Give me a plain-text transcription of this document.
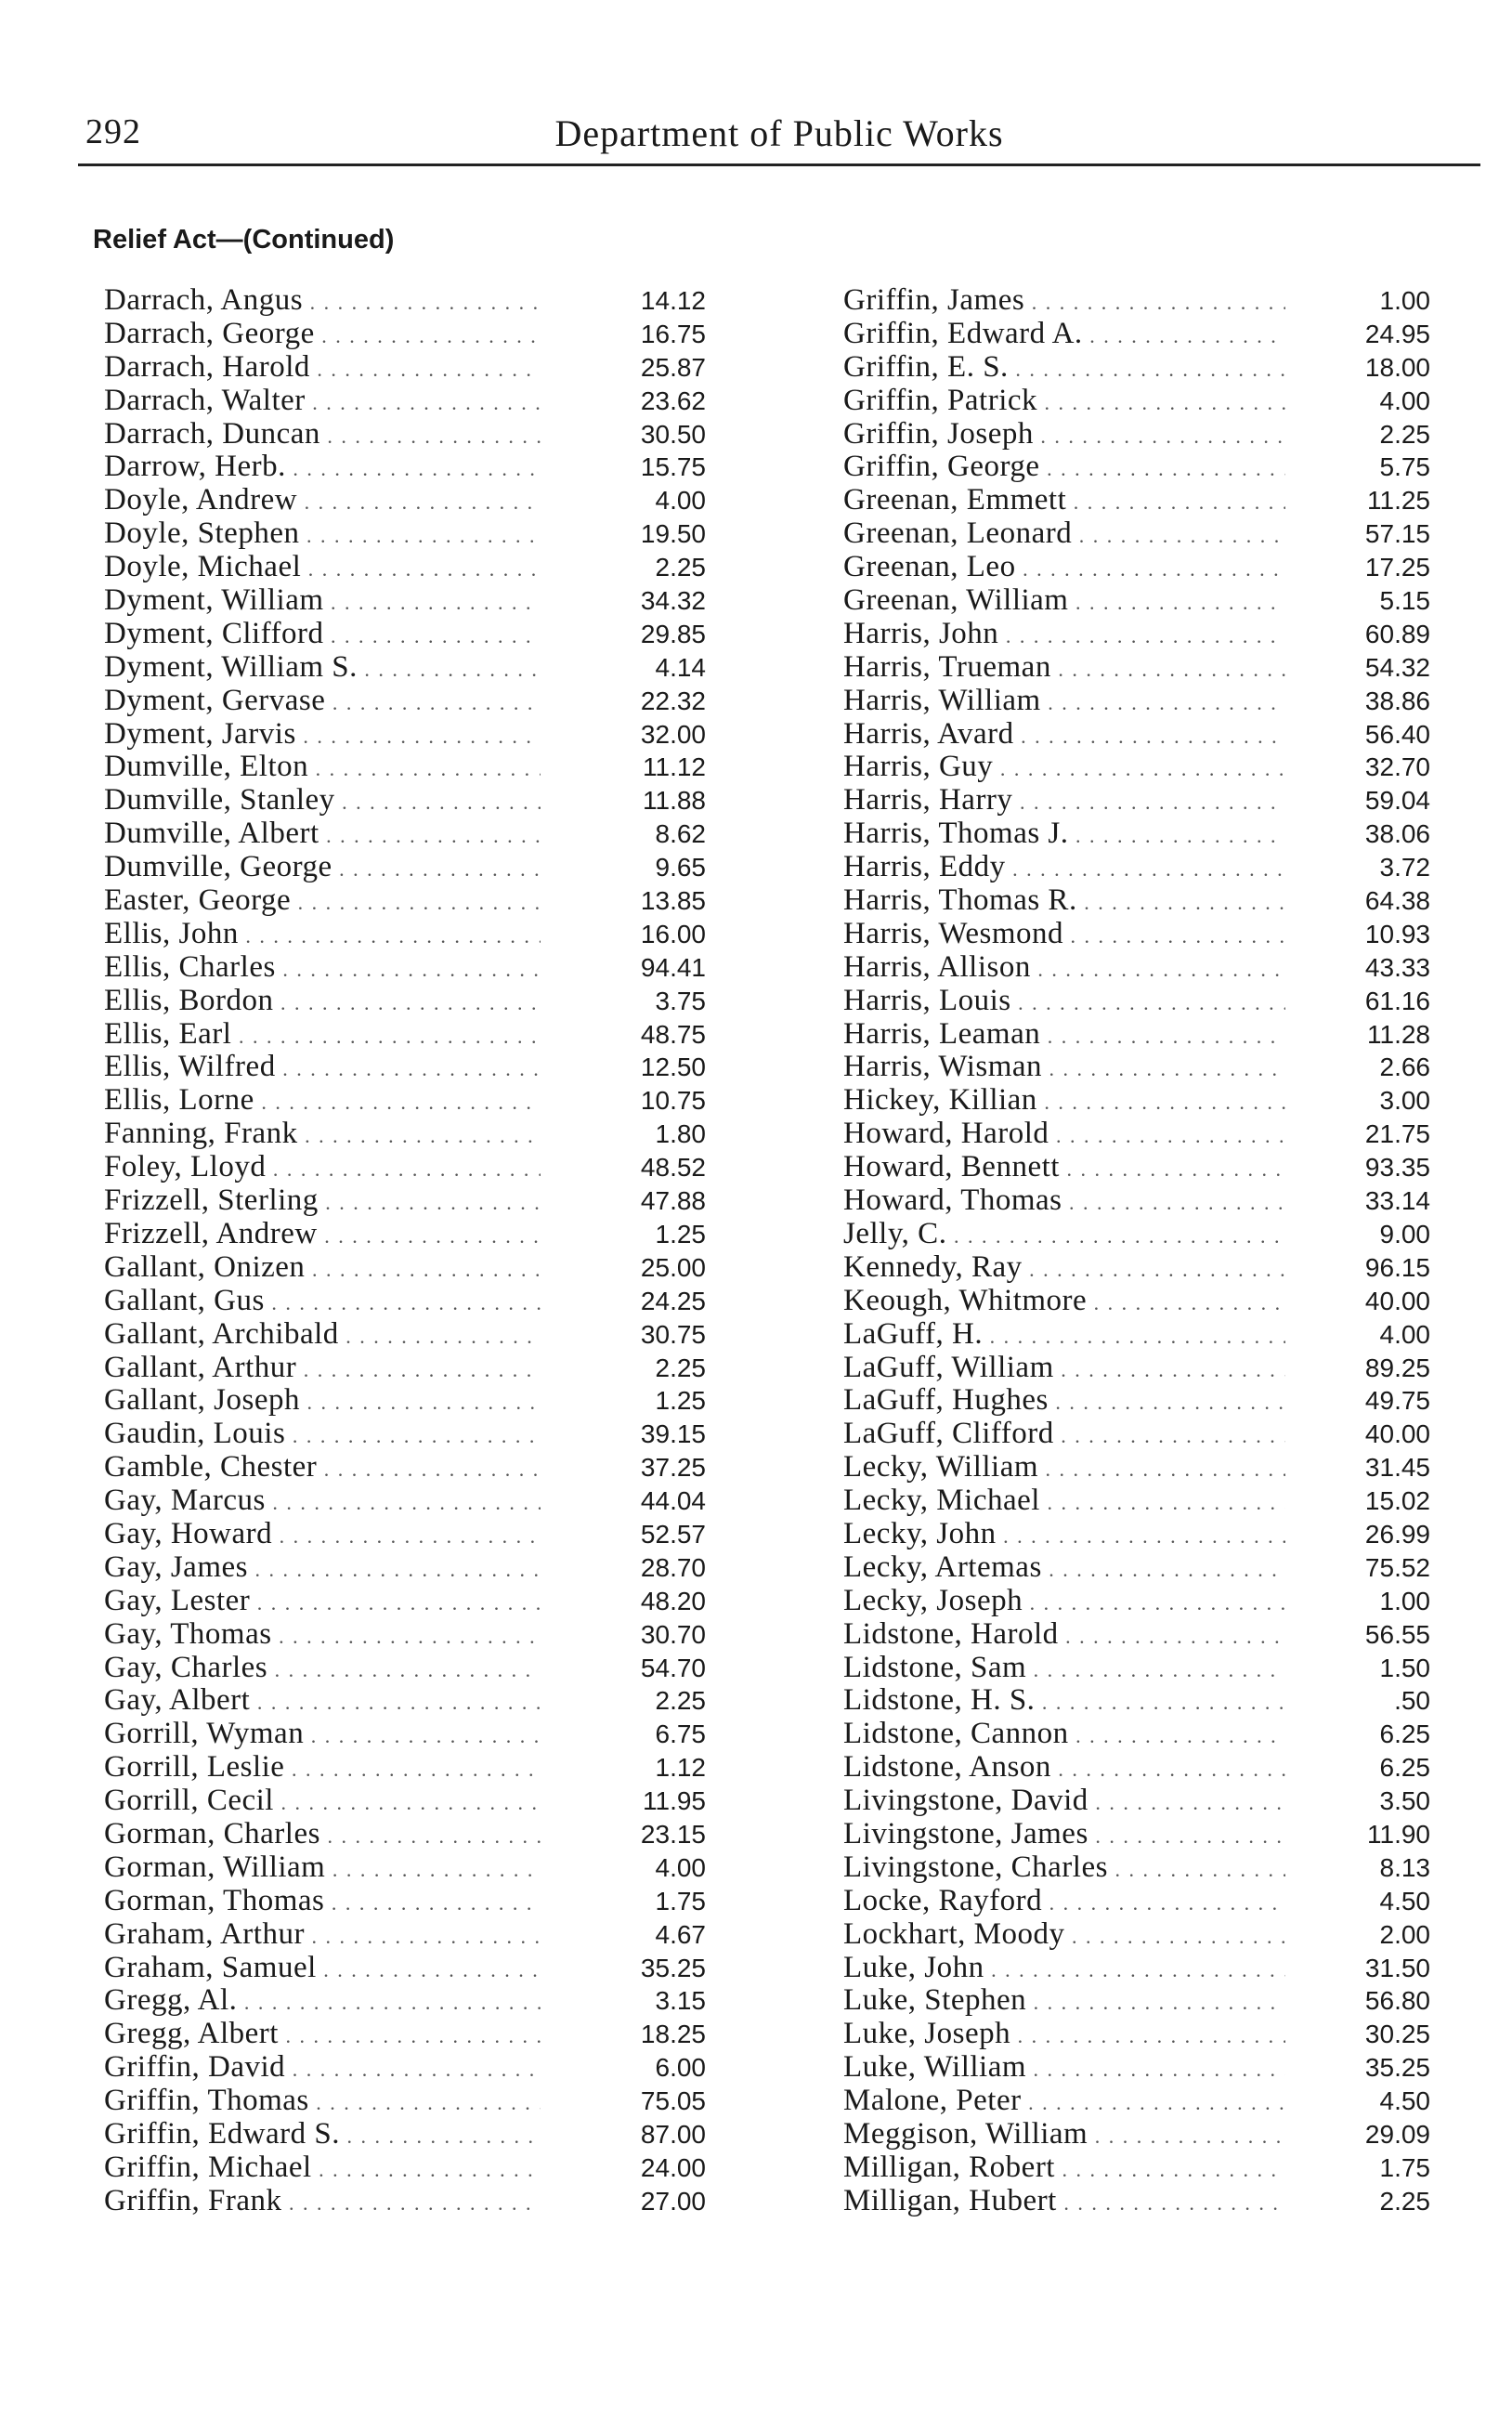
292	Department of Public Works
Relief Act—(Continued)
Darrach, Angus . . .	14.12
Darrach, George . . .	16.75
Darrach, Harold . . .	25.87
Darrach, Walter . . .	23.62
Darrach, Duncan . . .	30.50
Darrow, Herb. . . .	15.75
Doyle, Andrew . . .	4.00
Doyle, Stephen . . .	19.50
Doyle, Michael . . .	2.25
Dyment, William . . .	34.32
Dyment, Clifford . . .	29.85
Dyment, William S. . . .	4.14
Dyment, Gervase . . .	22.32
Dyment, Jarvis . . .	32.00
Dumville, Elton . . .	11.12
Dumville, Stanley . . .	11.88
Dumville, Albert . . .	8.62
Dumville, George . . .	9.65
Easter, George . . .	13.85
Ellis, John . . .	16.00
Ellis, Charles . . .	94.41
Ellis, Bordon . . .	3.75
Ellis, Earl . . .	48.75
Ellis, Wilfred . . .	12.50
Ellis, Lorne . . .	10.75
Fanning, Frank . . .	1.80
Foley, Lloyd . . .	48.52
Frizzell, Sterling . . .	47.88
Frizzell, Andrew . . .	1.25
Gallant, Onizen . . .	25.00
Gallant, Gus . . .	24.25
Gallant, Archibald . . .	30.75
Gallant, Arthur . . .	2.25
Gallant, Joseph . . .	1.25
Gaudin, Louis . . .	39.15
Gamble, Chester . . .	37.25
Gay, Marcus . . .	44.04
Gay, Howard . . .	52.57
Gay, James . . .	28.70
Gay, Lester . . .	48.20
Gay, Thomas . . .	30.70
Gay, Charles . . .	54.70
Gay, Albert . . .	2.25
Gorrill, Wyman . . .	6.75
Gorrill, Leslie . . .	1.12
Gorrill, Cecil . . .	11.95
Gorman, Charles . . .	23.15
Gorman, William . . .	4.00
Gorman, Thomas . . .	1.75
Graham, Arthur . . .	4.67
Graham, Samuel . . .	35.25
Gregg, Al. . . .	3.15
Gregg, Albert . . .	18.25
Griffin, David . . .	6.00
Griffin, Thomas . . .	75.05
Griffin, Edward S. . . .	87.00
Griffin, Michael . . .	24.00
Griffin, Frank . . .	27.00
Griffin, James . . .	1.00
Griffin, Edward A. . . .	24.95
Griffin, E. S. . . .	18.00
Griffin, Patrick . . .	4.00
Griffin, Joseph . . .	2.25
Griffin, George . . .	5.75
Greenan, Emmett . . .	11.25
Greenan, Leonard . . .	57.15
Greenan, Leo . . .	17.25
Greenan, William . . .	5.15
Harris, John . . .	60.89
Harris, Trueman . . .	54.32
Harris, William . . .	38.86
Harris, Avard . . .	56.40
Harris, Guy . . .	32.70
Harris, Harry . . .	59.04
Harris, Thomas J. . . .	38.06
Harris, Eddy . . .	3.72
Harris, Thomas R. . . .	64.38
Harris, Wesmond . . .	10.93
Harris, Allison . . .	43.33
Harris, Louis . . .	61.16
Harris, Leaman . . .	11.28
Harris, Wisman . . .	2.66
Hickey, Killian . . .	3.00
Howard, Harold . . .	21.75
Howard, Bennett . . .	93.35
Howard, Thomas . . .	33.14
Jelly, C. . . .	9.00
Kennedy, Ray . . .	96.15
Keough, Whitmore . . .	40.00
LaGuff, H. . . .	4.00
LaGuff, William . . .	89.25
LaGuff, Hughes . . .	49.75
LaGuff, Clifford . . .	40.00
Lecky, William . . .	31.45
Lecky, Michael . . .	15.02
Lecky, John . . .	26.99
Lecky, Artemas . . .	75.52
Lecky, Joseph . . .	1.00
Lidstone, Harold . . .	56.55
Lidstone, Sam . . .	1.50
Lidstone, H. S. . . .	.50
Lidstone, Cannon . . .	6.25
Lidstone, Anson . . .	6.25
Livingstone, David . . .	3.50
Livingstone, James . . .	11.90
Livingstone, Charles . . .	8.13
Locke, Rayford . . .	4.50
Lockhart, Moody . . .	2.00
Luke, John . . .	31.50
Luke, Stephen . . .	56.80
Luke, Joseph . . .	30.25
Luke, William . . .	35.25
Malone, Peter . . .	4.50
Meggison, William . . .	29.09
Milligan, Robert . . .	1.75
Milligan, Hubert . . .	2.25
